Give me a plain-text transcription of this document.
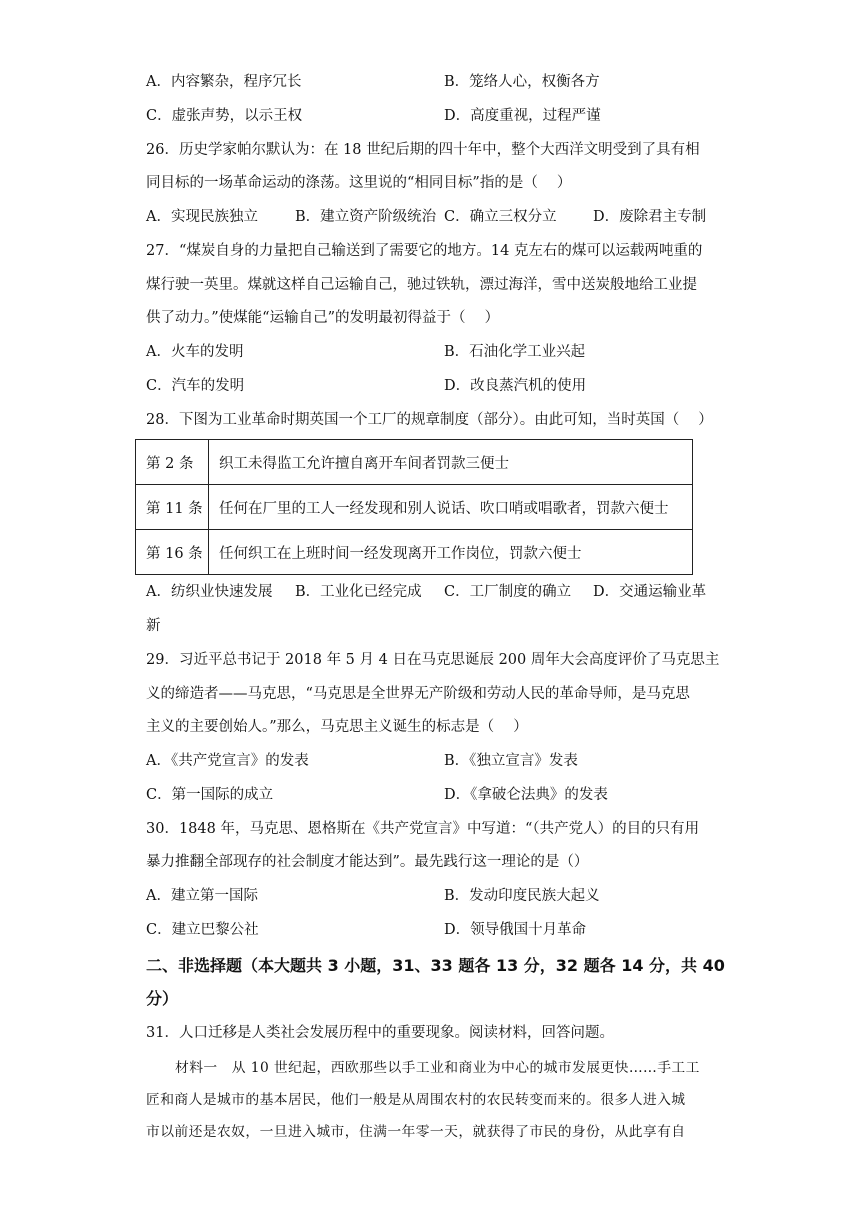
A．内容繁杂，程序冗长	B．笼络人心，权衡各方
C．虚张声势，以示王权	D．高度重视，过程严谨
26．历史学家帕尔默认为：在 18 世纪后期的四十年中，整个大西洋文明受到了具有相
同目标的一场革命运动的涤荡。这里说的“相同目标”指的是（　 ）
A．实现民族独立	B．建立资产阶级统治 C．确立三权分立	D．废除君主专制
27．“煤炭自身的力量把自己输送到了需要它的地方。14 克左右的煤可以运载两吨重的
煤行驶一英里。煤就这样自己运输自己，驰过铁轨，漂过海洋，雪中送炭般地给工业提
供了动力。”使煤能“运输自己”的发明最初得益于（　 ）
A．火车的发明	B．石油化学工业兴起
C．汽车的发明	D．改良蒸汽机的使用
28．下图为工业革命时期英国一个工厂的规章制度（部分）。由此可知，当时英国（　 ）
第 2 条	织工未得监工允许擅自离开车间者罚款三便士
第 11 条	任何在厂里的工人一经发现和别人说话、吹口哨或唱歌者，罚款六便士
第 16 条	任何织工在上班时间一经发现离开工作岗位，罚款六便士
A．纺织业快速发展 B．工业化已经完成 C．工厂制度的确立 D．交通运输业革
新
29．习近平总书记于 2018 年 5 月 4 日在马克思诞辰 200 周年大会高度评价了马克思主
义的缔造者——马克思，“马克思是全世界无产阶级和劳动人民的革命导师，是马克思
主义的主要创始人。”那么，马克思主义诞生的标志是（　 ）
A．《共产党宣言》的发表	B．《独立宣言》发表
C．第一国际的成立	D．《拿破仑法典》的发表
30．1848 年，马克思、恩格斯在《共产党宣言》中写道：“（共产党人）的目的只有用
暴力推翻全部现存的社会制度才能达到”。最先践行这一理论的是（）
A．建立第一国际	B．发动印度民族大起义
C．建立巴黎公社	D．领导俄国十月革命
二、非选择题（本大题共 3 小题，31、33 题各 13 分，32 题各 14 分，共 40
分）
31．人口迁移是人类社会发展历程中的重要现象。阅读材料，回答问题。
材料一　从 10 世纪起，西欧那些以手工业和商业为中心的城市发展更快……手工工
匠和商人是城市的基本居民，他们一般是从周围农村的农民转变而来的。很多人进入城
市以前还是农奴，一旦进入城市，住满一年零一天，就获得了市民的身份，从此享有自
